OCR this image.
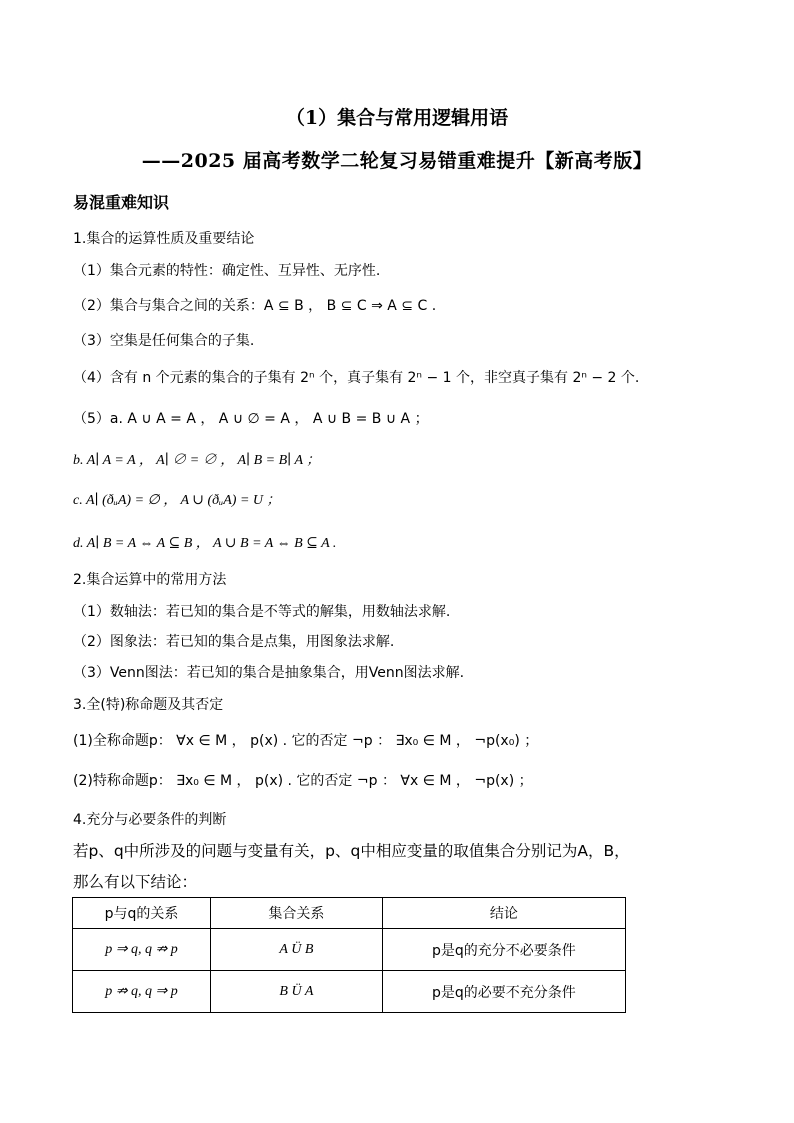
（1）集合与常用逻辑用语
——2025 届高考数学二轮复习易错重难提升【新高考版】
易混重难知识
1.集合的运算性质及重要结论
（1）集合元素的特性：确定性、互异性、无序性.
（2）集合与集合之间的关系：A ⊆ B ， B ⊆ C ⇒ A ⊆ C .
（3）空集是任何集合的子集.
（4）含有 n 个元素的集合的子集有 2ⁿ 个，真子集有 2ⁿ − 1 个，非空真子集有 2ⁿ − 2 个.
（5）a. A ∪ A = A ， A ∪ ∅ = A ， A ∪ B = B ∪ A ；
b. A∣ A = A ， A∣ ∅ = ∅ ， A∣ B = B∣ A ；
c. A∣ (ðᵤA) = ∅ ， A ∪ (ðᵤA) = U ；
d. A∣ B = A ⇔ A ⊆ B ， A ∪ B = A ⇔ B ⊆ A .
2.集合运算中的常用方法
（1）数轴法：若已知的集合是不等式的解集，用数轴法求解.
（2）图象法：若已知的集合是点集，用图象法求解.
（3）Venn图法：若已知的集合是抽象集合，用Venn图法求解.
3.全(特)称命题及其否定
(1)全称命题p： ∀x ∈ M ， p(x) . 它的否定 ¬p ： ∃x₀ ∈ M ， ¬p(x₀) ；
(2)特称命题p： ∃x₀ ∈ M ， p(x) . 它的否定 ¬p ： ∀x ∈ M ， ¬p(x) ；
4.充分与必要条件的判断
若p、q中所涉及的问题与变量有关，p、q中相应变量的取值集合分别记为A，B，
那么有以下结论：
p与q的关系	集合关系	结论
p ⇒ q, q ⇏ p	A Ü B	p是q的充分不必要条件
p ⇏ q, q ⇒ p	B Ü A	p是q的必要不充分条件
